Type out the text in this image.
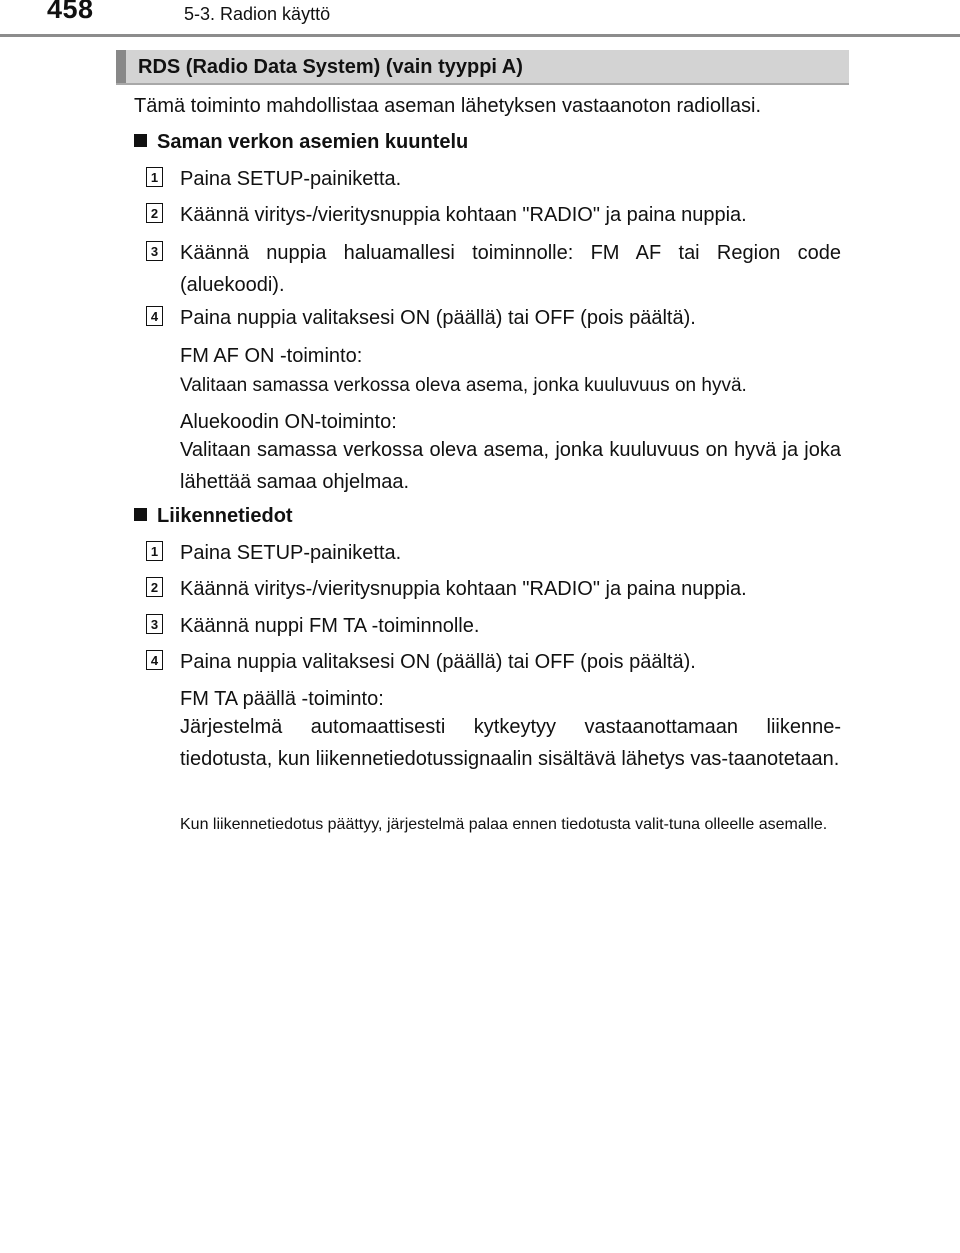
458	5-3. Radion käyttö
RDS (Radio Data System) (vain tyyppi A)
Tämä toiminto mahdollistaa aseman lähetyksen vastaanoton radiollasi.
Saman verkon asemien kuuntelu
1 Paina SETUP-painiketta.
2 Käännä viritys-/vieritysnuppia kohtaan "RADIO" ja paina nuppia.
3 Käännä nuppia haluamallesi toiminnolle: FM AF tai Region code (aluekoodi).
4 Paina nuppia valitaksesi ON (päällä) tai OFF (pois päältä).
FM AF ON -toiminto:
Valitaan samassa verkossa oleva asema, jonka kuuluvuus on hyvä.
Aluekoodin ON-toiminto:
Valitaan samassa verkossa oleva asema, jonka kuuluvuus on hyvä ja joka lähettää samaa ohjelmaa.
Liikennetiedot
1 Paina SETUP-painiketta.
2 Käännä viritys-/vieritysnuppia kohtaan "RADIO" ja paina nuppia.
3 Käännä nuppi FM TA -toiminnolle.
4 Paina nuppia valitaksesi ON (päällä) tai OFF (pois päältä).
FM TA päällä -toiminto:
Järjestelmä automaattisesti kytkeytyy vastaanottamaan liikenne-tiedotusta, kun liikennetiedotussignaalin sisältävä lähetys vas-taanotetaan.
Kun liikennetiedotus päättyy, järjestelmä palaa ennen tiedotusta valit-tuna olleelle asemalle.
